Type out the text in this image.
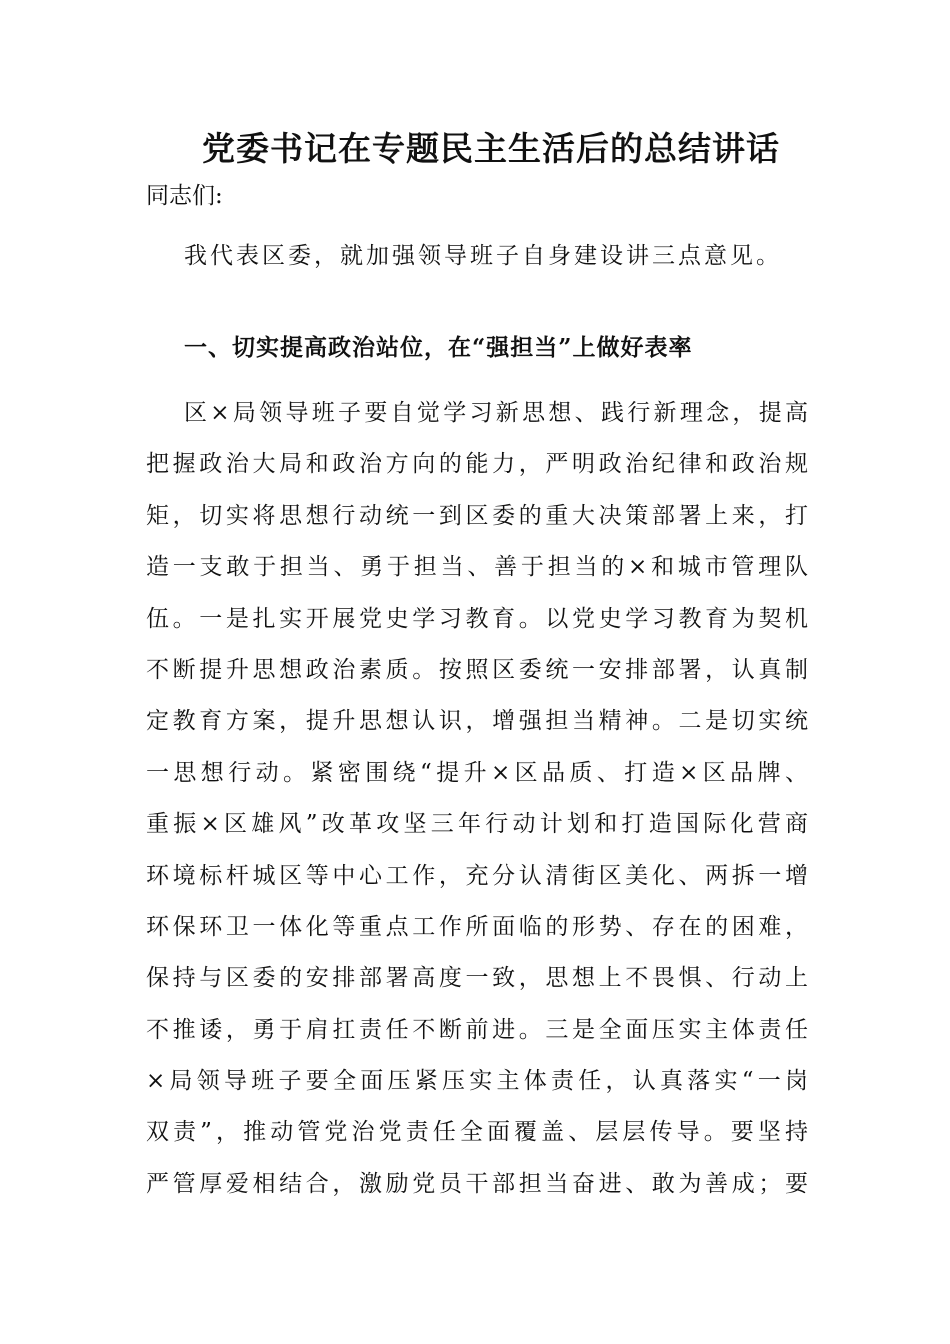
党委书记在专题民主生活后的总结讲话
同志们:
我代表区委，就加强领导班子自身建设讲三点意见。
一、切实提高政治站位，在“强担当”上做好表率
区×局领导班子要自觉学习新思想、践行新理念，提高
把握政治大局和政治方向的能力，严明政治纪律和政治规
矩，切实将思想行动统一到区委的重大决策部署上来，打
造一支敢于担当、勇于担当、善于担当的×和城市管理队
伍。一是扎实开展党史学习教育。以党史学习教育为契机
不断提升思想政治素质。按照区委统一安排部署，认真制
定教育方案，提升思想认识，增强担当精神。二是切实统
一思想行动。紧密围绕“提升×区品质、打造×区品牌、
重振×区雄风”改革攻坚三年行动计划和打造国际化营商
环境标杆城区等中心工作，充分认清街区美化、两拆一增
环保环卫一体化等重点工作所面临的形势、存在的困难，
保持与区委的安排部署高度一致，思想上不畏惧、行动上
不推诿，勇于肩扛责任不断前进。三是全面压实主体责任
×局领导班子要全面压紧压实主体责任，认真落实“一岗
双责”，推动管党治党责任全面覆盖、层层传导。要坚持
严管厚爱相结合，激励党员干部担当奋进、敢为善成；要
